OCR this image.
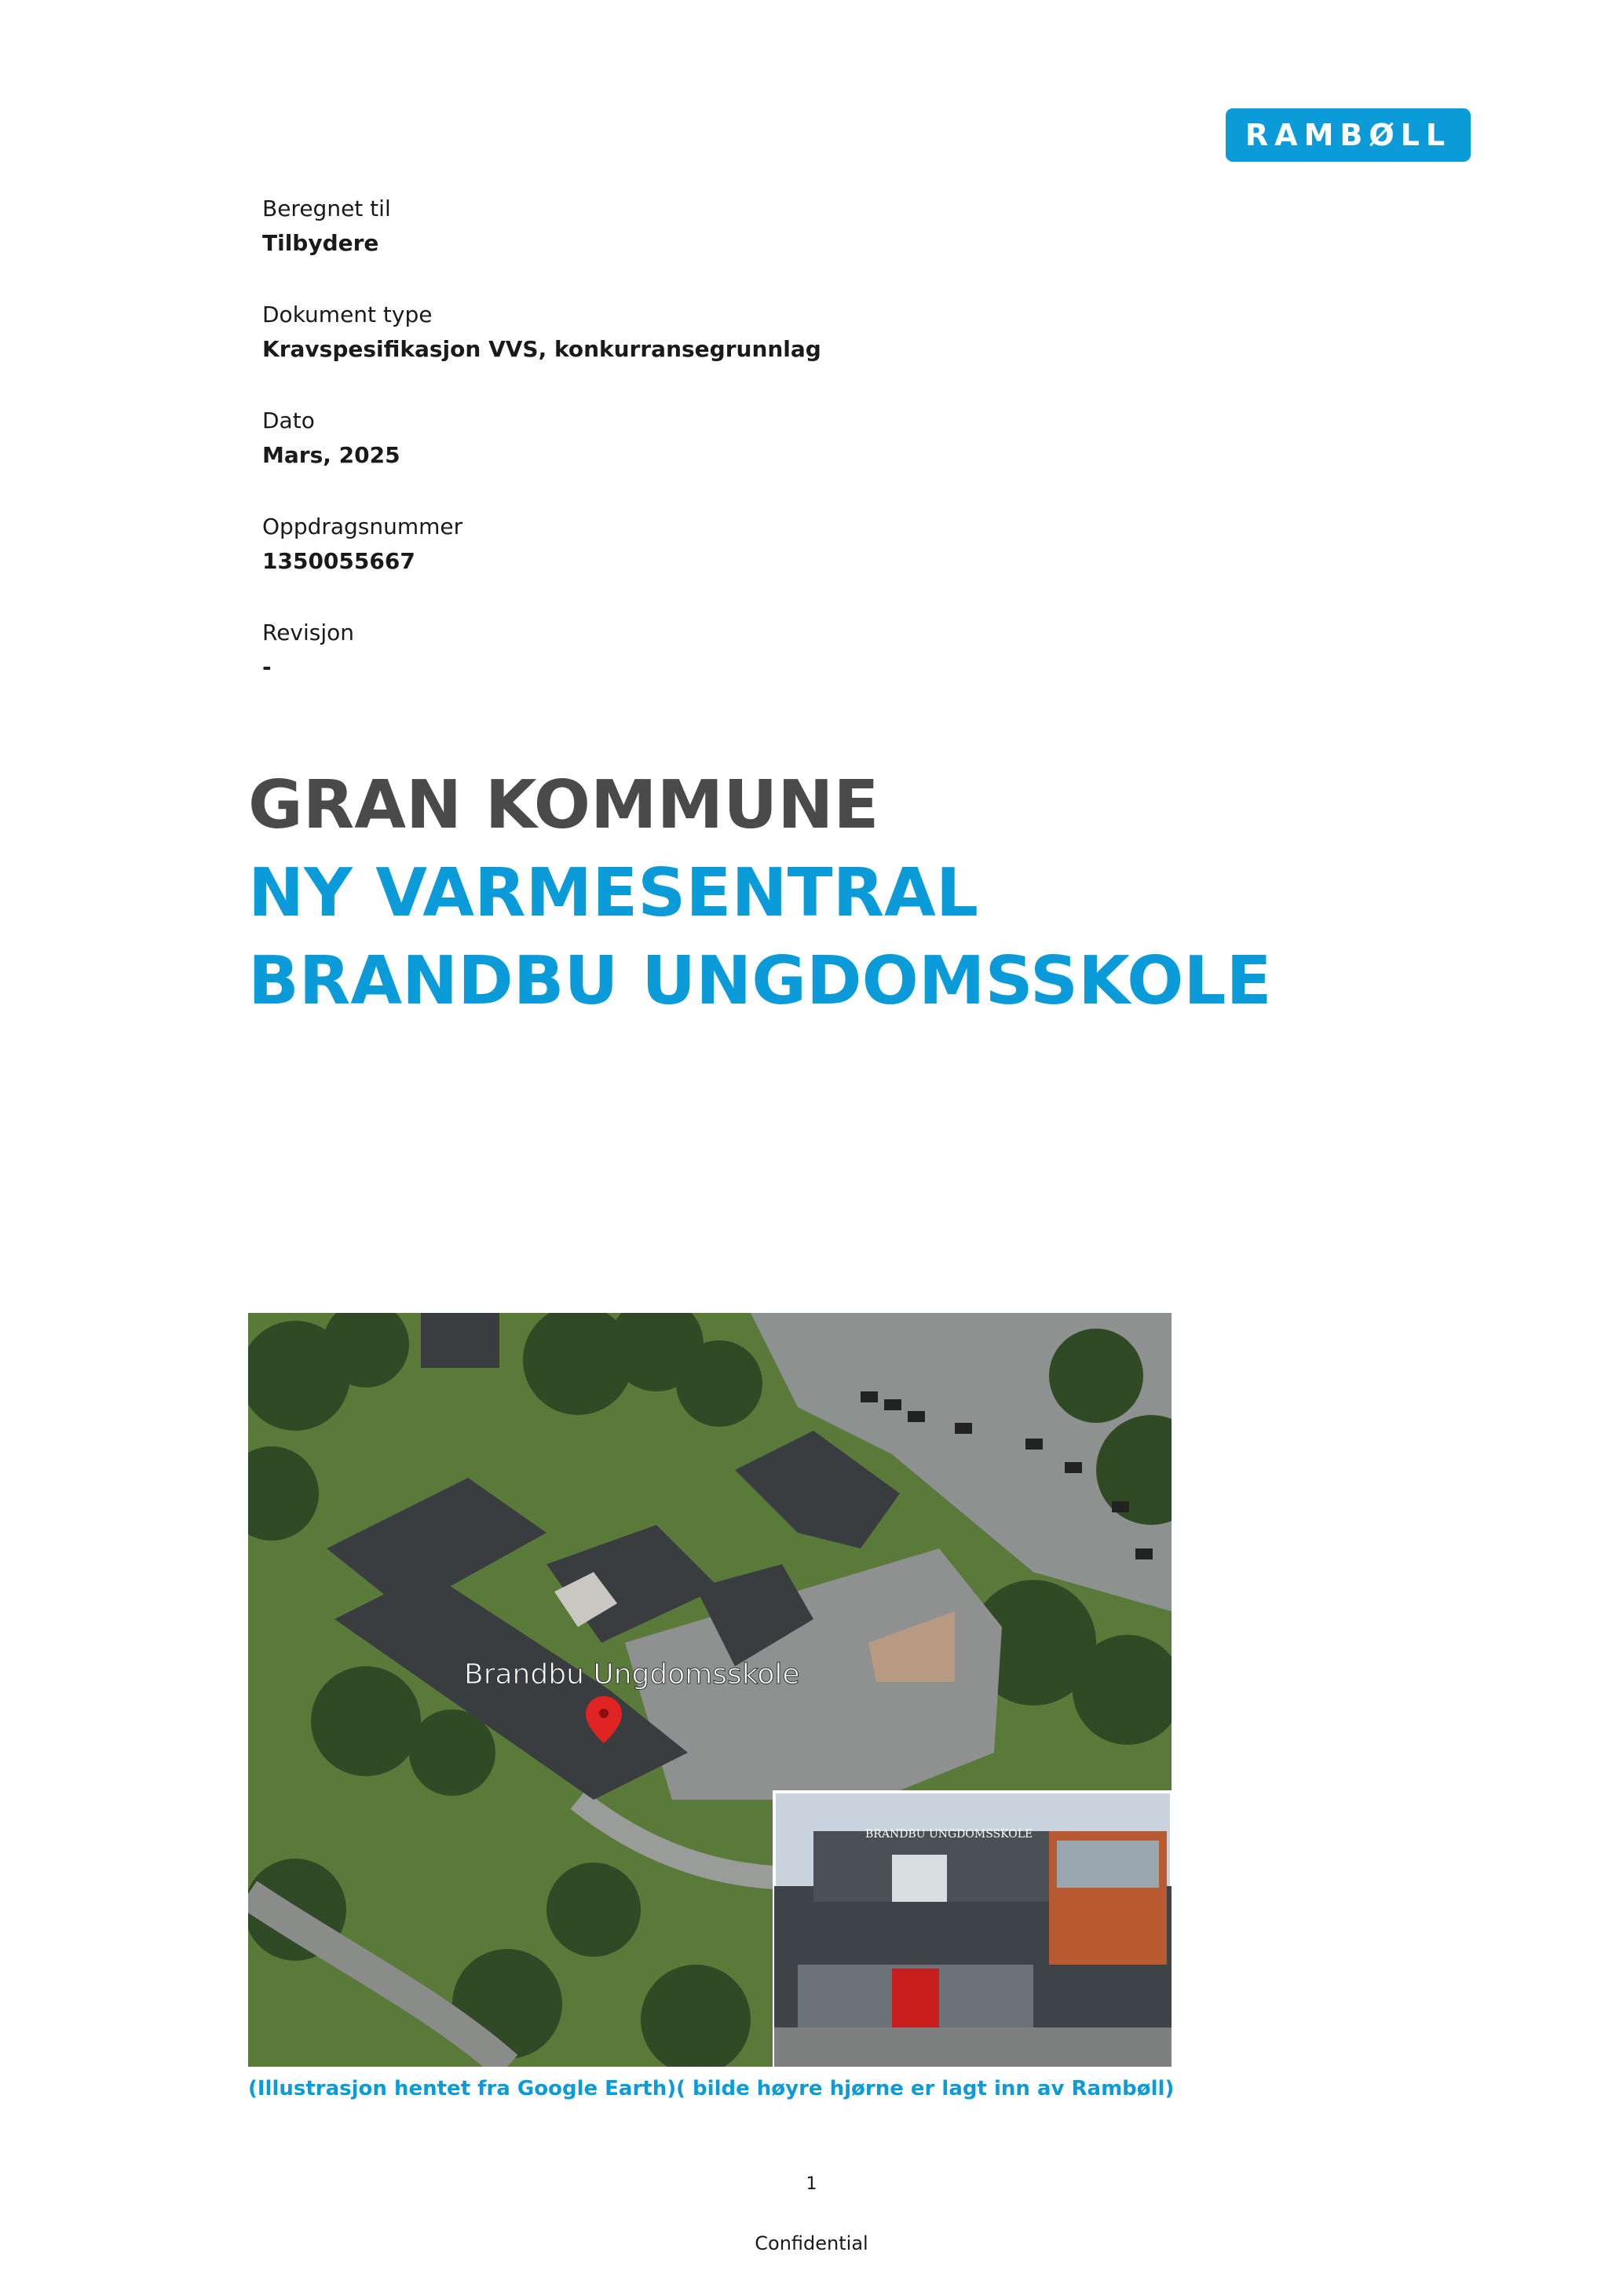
RAMBØLL
Beregnet til
Tilbydere
Dokument type
Kravspesifikasjon VVS, konkurransegrunnlag
Dato
Mars, 2025
Oppdragsnummer
1350055667
Revisjon
-
GRAN KOMMUNE
NY VARMESENTRAL
BRANDBU UNGDOMSSKOLE
Brandbu Ungdomsskole
BRANDBU UNGDOMSSKOLE
(Illustrasjon hentet fra Google Earth)( bilde høyre hjørne er lagt inn av Rambøll)
1
Confidential
